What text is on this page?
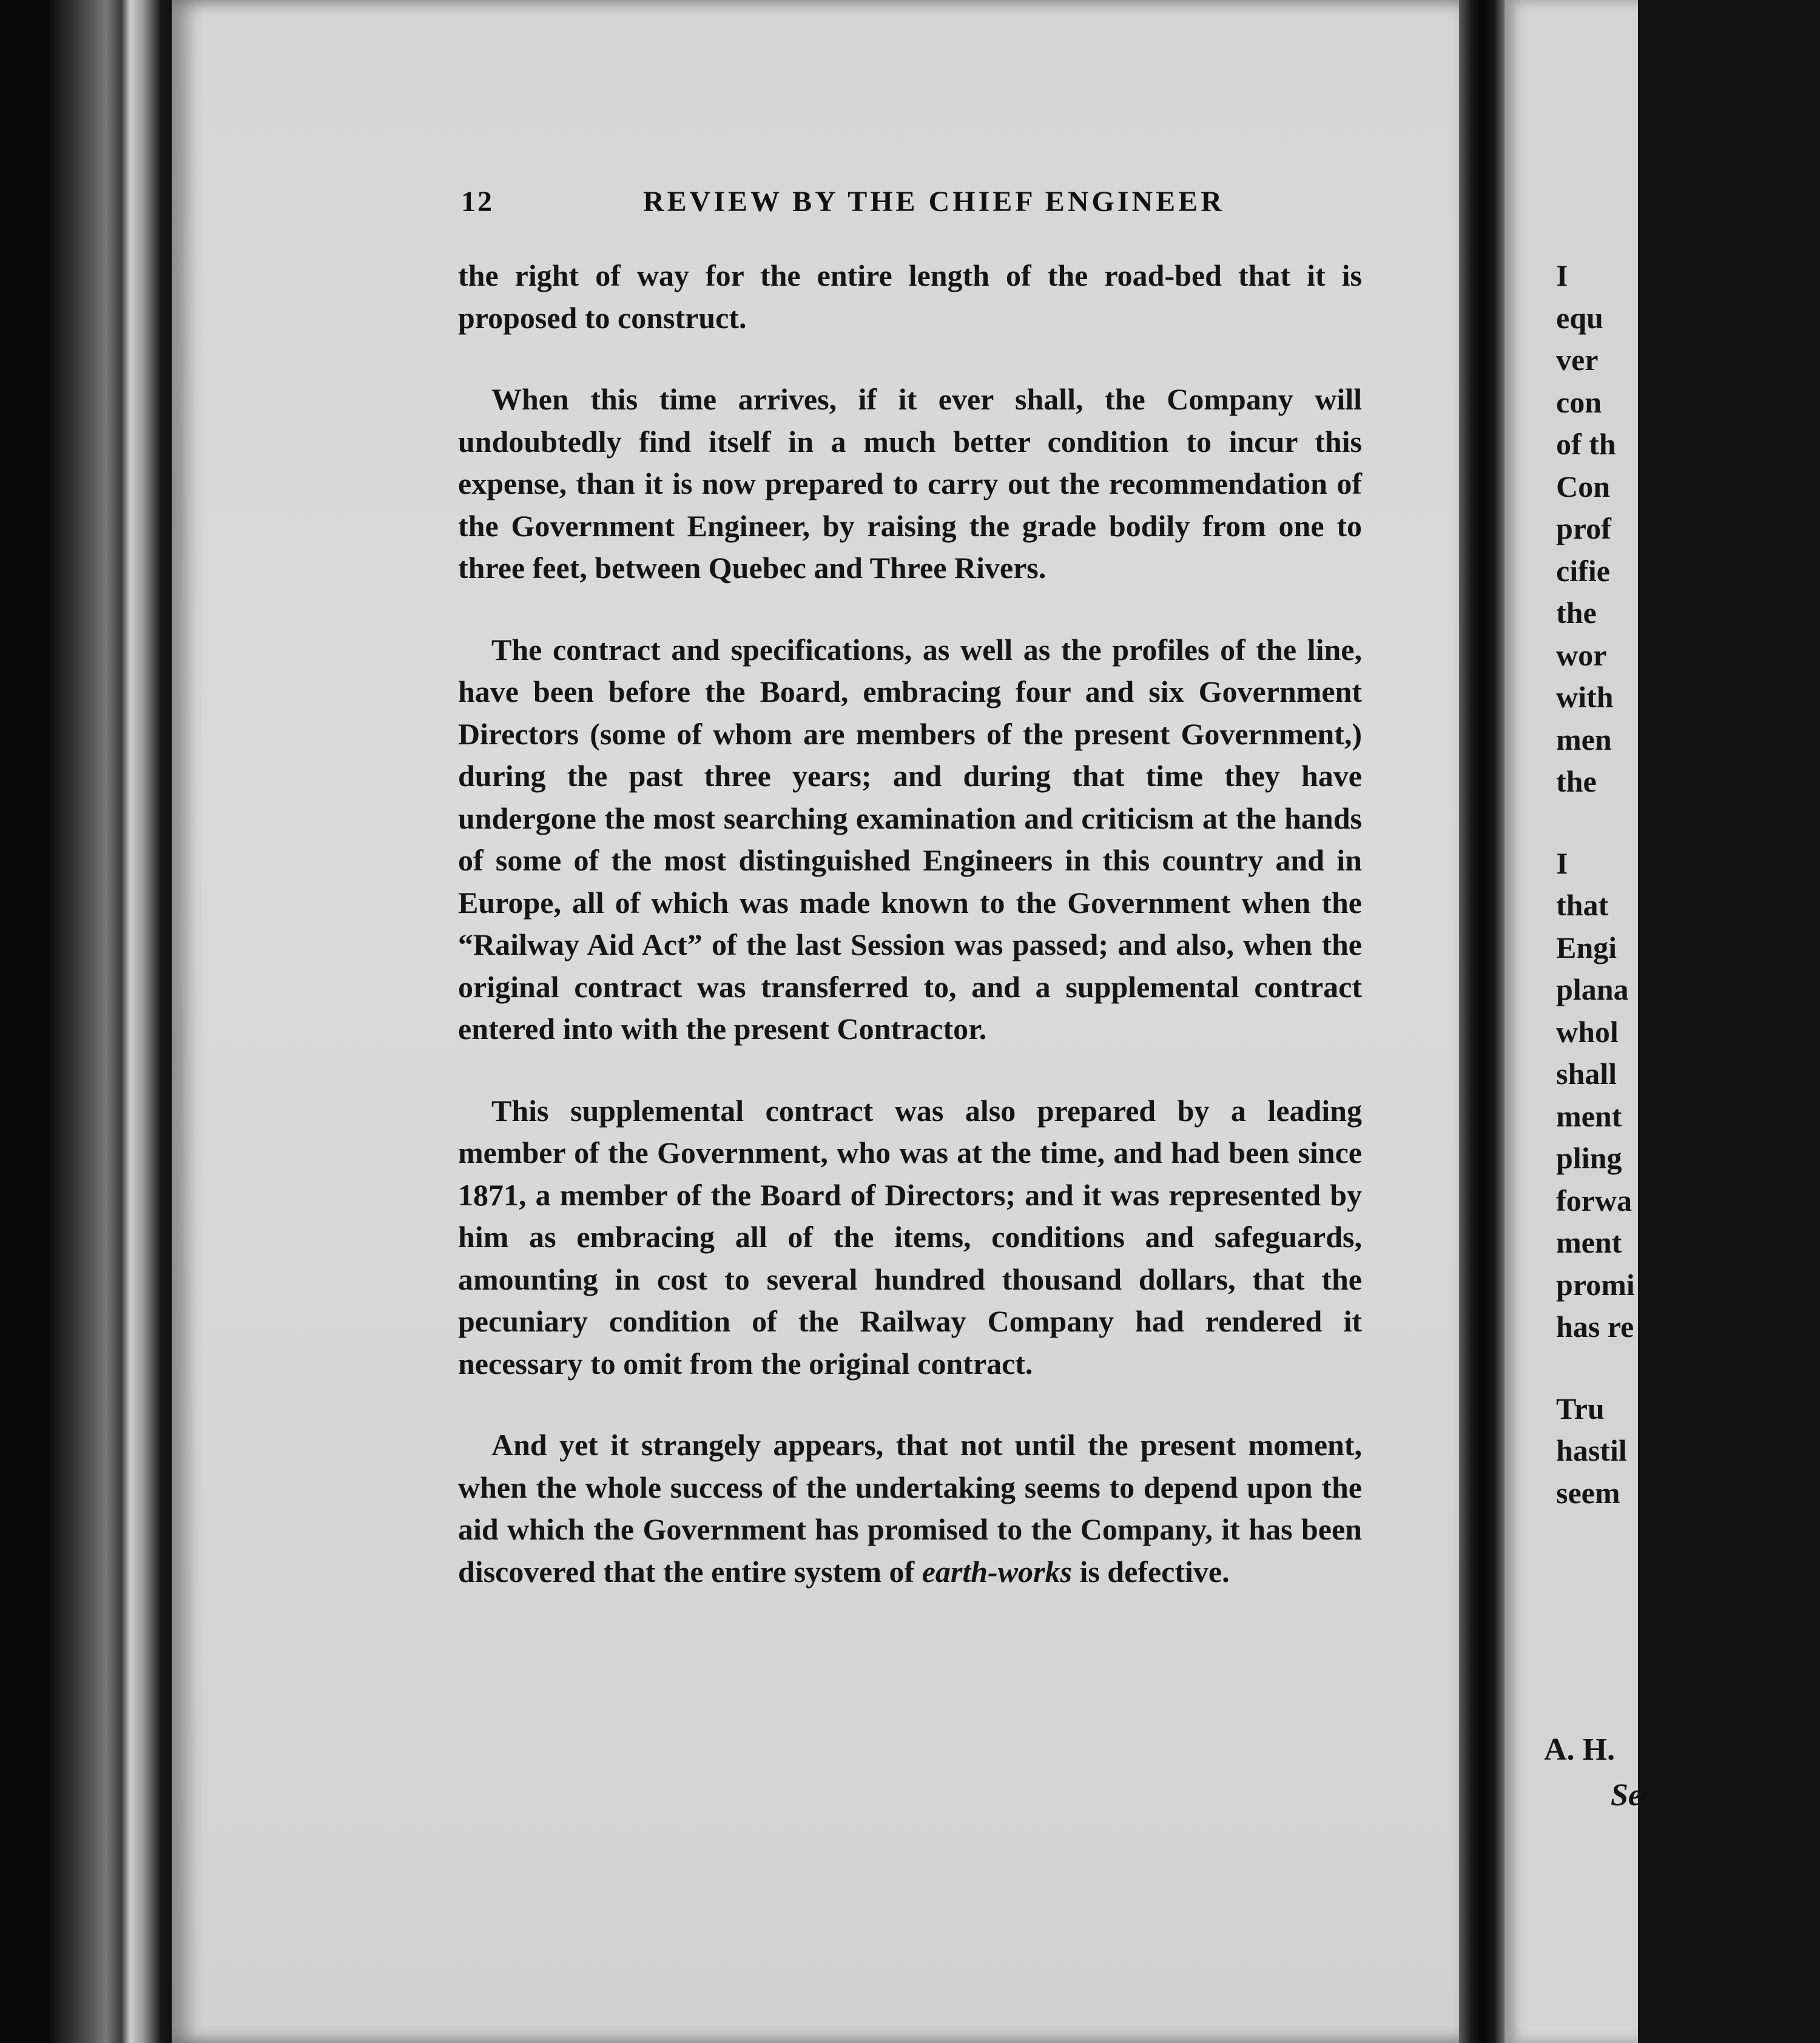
12	REVIEW BY THE CHIEF ENGINEER

the right of way for the entire length of the road-bed that it is proposed to construct.

When this time arrives, if it ever shall, the Company will undoubtedly find itself in a much better condition to incur this expense, than it is now prepared to carry out the recommendation of the Government Engineer, by raising the grade bodily from one to three feet, between Quebec and Three Rivers.

The contract and specifications, as well as the profiles of the line, have been before the Board, embracing four and six Government Directors (some of whom are members of the present Government,) during the past three years; and during that time they have undergone the most searching examination and criticism at the hands of some of the most distinguished Engineers in this country and in Europe, all of which was made known to the Government when the “Railway Aid Act” of the last Session was passed; and also, when the original contract was transferred to, and a supplemental contract entered into with the present Contractor.

This supplemental contract was also prepared by a leading member of the Government, who was at the time, and had been since 1871, a member of the Board of Directors; and it was represented by him as embracing all of the items, conditions and safeguards, amounting in cost to several hundred thousand dollars, that the pecuniary condition of the Railway Company had rendered it necessary to omit from the original contract.

And yet it strangely appears, that not until the present moment, when the whole success of the undertaking seems to depend upon the aid which the Government has promised to the Company, it has been discovered that the entire system of earth-works is defective.

I
equ
ver
con
of th
Con
prof
cifie
the
wor
with
men
the
I
that
Engi
plana
whol
shall
ment
pling
forwa
ment
promi
has re
Tru
hastil
seem
A. H.
Se
